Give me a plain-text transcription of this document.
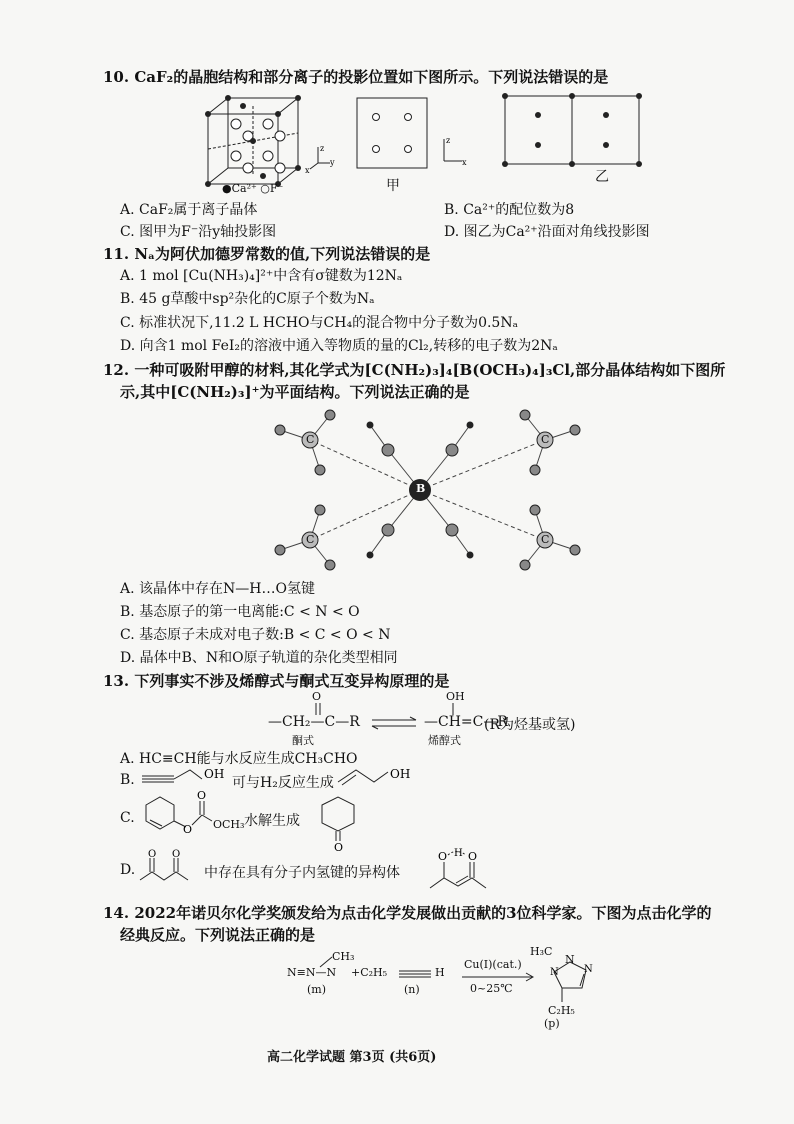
10. CaF₂的晶胞结构和部分离子的投影位置如下图所示。下列说法错误的是
●Ca²⁺ ○F⁻
z
y
x
甲
z
x
乙
A. CaF₂属于离子晶体	B. Ca²⁺的配位数为8
C. 图甲为F⁻沿y轴投影图	D. 图乙为Ca²⁺沿面对角线投影图
11. Nₐ为阿伏加德罗常数的值,下列说法错误的是
A. 1 mol [Cu(NH₃)₄]²⁺中含有σ键数为12Nₐ
B. 45 g草酸中sp²杂化的C原子个数为Nₐ
C. 标准状况下,11.2 L HCHO与CH₄的混合物中分子数为0.5Nₐ
D. 向含1 mol FeI₂的溶液中通入等物质的量的Cl₂,转移的电子数为2Nₐ
12. 一种可吸附甲醇的材料,其化学式为[C(NH₂)₃]₄[B(OCH₃)₄]₃Cl,部分晶体结构如下图所
示,其中[C(NH₂)₃]⁺为平面结构。下列说法正确的是
B
C	C
C	C
A. 该晶体中存在N—H…O氢键
B. 基态原子的第一电离能:C < N < O
C. 基态原子未成对电子数:B < C < O < N
D. 晶体中B、N和O原子轨道的杂化类型相同
13. 下列事实不涉及烯醇式与酮式互变异构原理的是
O
—CH₂—C—R ⇌
OH
—CH=C—R
(R为烃基或氢)
酮式	烯醇式
A. HC≡CH能与水反应生成CH₃CHO
B.	OH
可与H₂反应生成
OH
C.
O
O
OCH₃ 水解生成
O
D.
O O
中存在具有分子内氢键的异构体
O H O
14. 2022年诺贝尔化学奖颁发给为点击化学发展做出贡献的3位科学家。下图为点击化学的
经典反应。下列说法正确的是
CH₃
N≡N—N +C₂H₅	H
(m)	(n)
Cu(Ⅰ)(cat.)
0~25℃
H₃C
N	N
N
C₂H₅
(p)
高二化学试题 第3页 (共6页)
